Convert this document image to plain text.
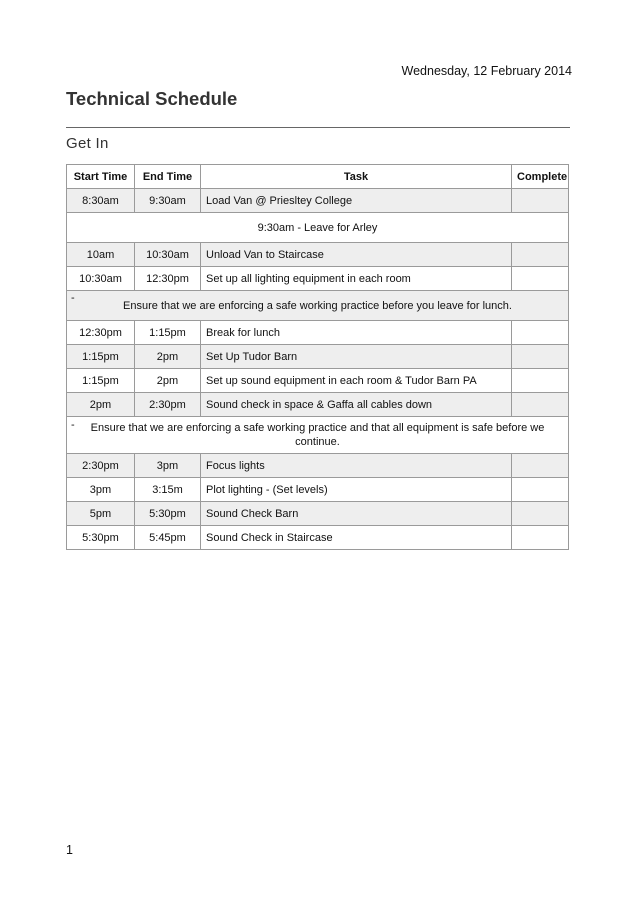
Wednesday, 12 February 2014
Technical Schedule
Get In
Start Time	End Time	Task	Complete
8:30am	9:30am	Load Van @ Priesltey College	
9:30am - Leave for Arley			
10am	10:30am	Unload Van to Staircase	
10:30am	12:30pm	Set up all lighting equipment in each room	

-
Ensure that we are enforcing a safe working practice before you leave for lunch.			
12:30pm	1:15pm	Break for lunch	
1:15pm	2pm	Set Up Tudor Barn	
1:15pm	2pm	Set up sound equipment in each room & Tudor Barn PA	
2pm	2:30pm	Sound check in space & Gaffa all cables down	

- Ensure that we are enforcing a safe working practice and that all equipment is safe before we continue.			
2:30pm	3pm	Focus lights	
3pm	3:15m	Plot lighting - (Set levels)	
5pm	5:30pm	Sound Check Barn	
5:30pm	5:45pm	Sound Check in Staircase	
1
